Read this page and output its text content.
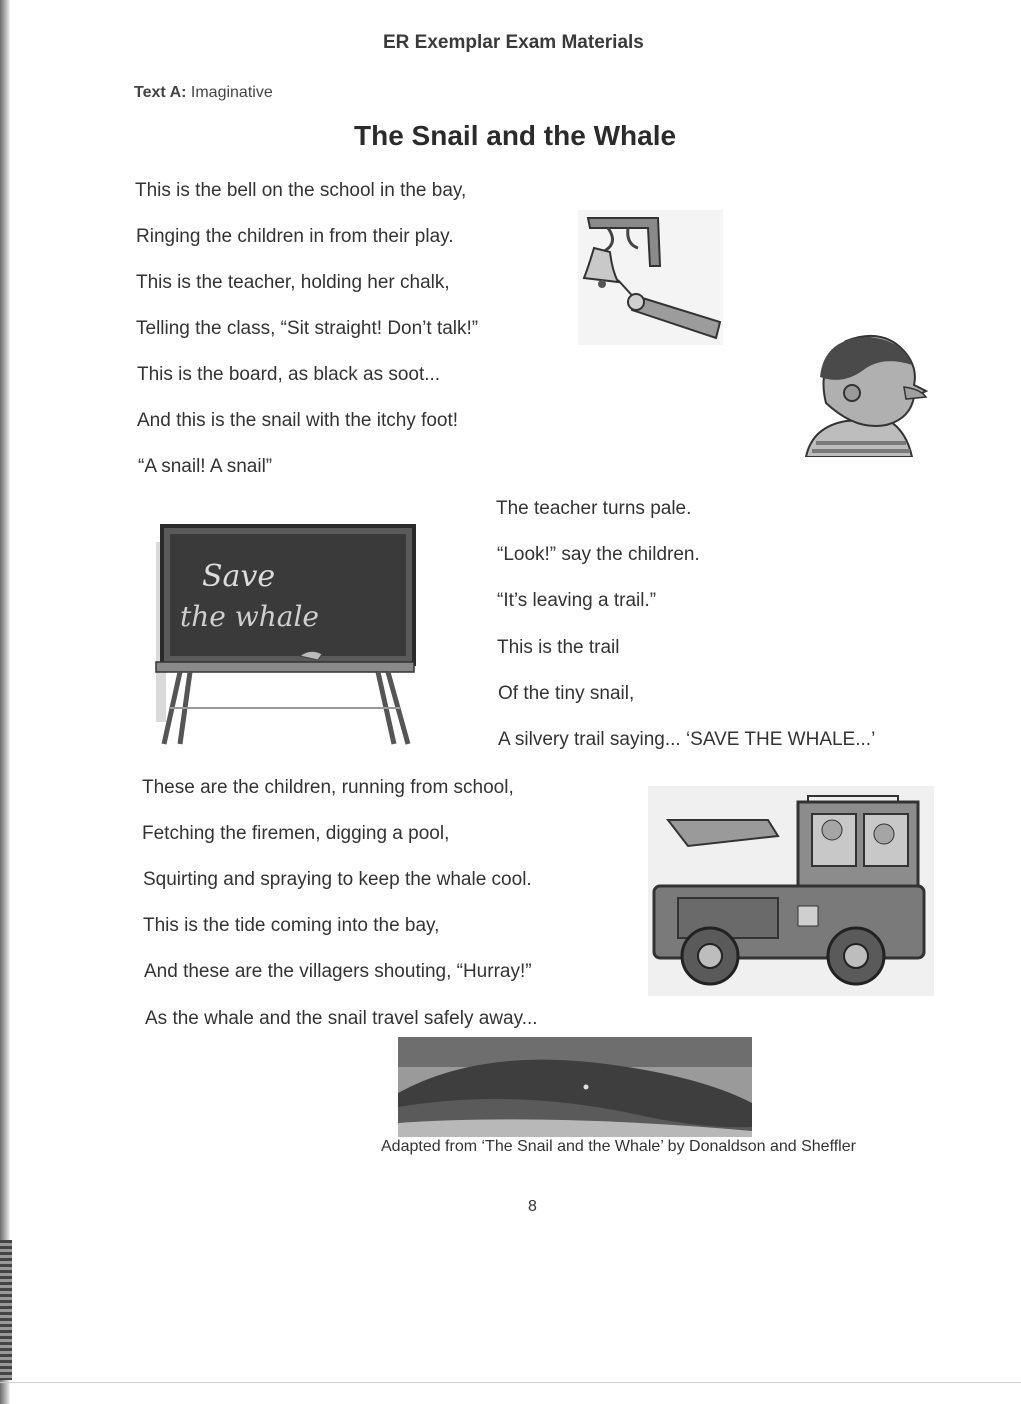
ER Exemplar Exam Materials
Text A: Imaginative
The Snail and the Whale
This is the bell on the school in the bay,
Ringing the children in from their play.
This is the teacher, holding her chalk,
Telling the class, “Sit straight! Don’t talk!”
This is the board, as black as soot...
And this is the snail with the itchy foot!
“A snail! A snail”
The teacher turns pale.
“Look!” say the children.
“It’s leaving a trail.”
This is the trail
Of the tiny snail,
A silvery trail saying... ‘SAVE THE WHALE...’
These are the children, running from school,
Fetching the firemen, digging a pool,
Squirting and spraying to keep the whale cool.
This is the tide coming into the bay,
And these are the villagers shouting, “Hurray!”
As the whale and the snail travel safely away...
Save
the whale
Adapted from ‘The Snail and the Whale’ by Donaldson and Sheffler
8
